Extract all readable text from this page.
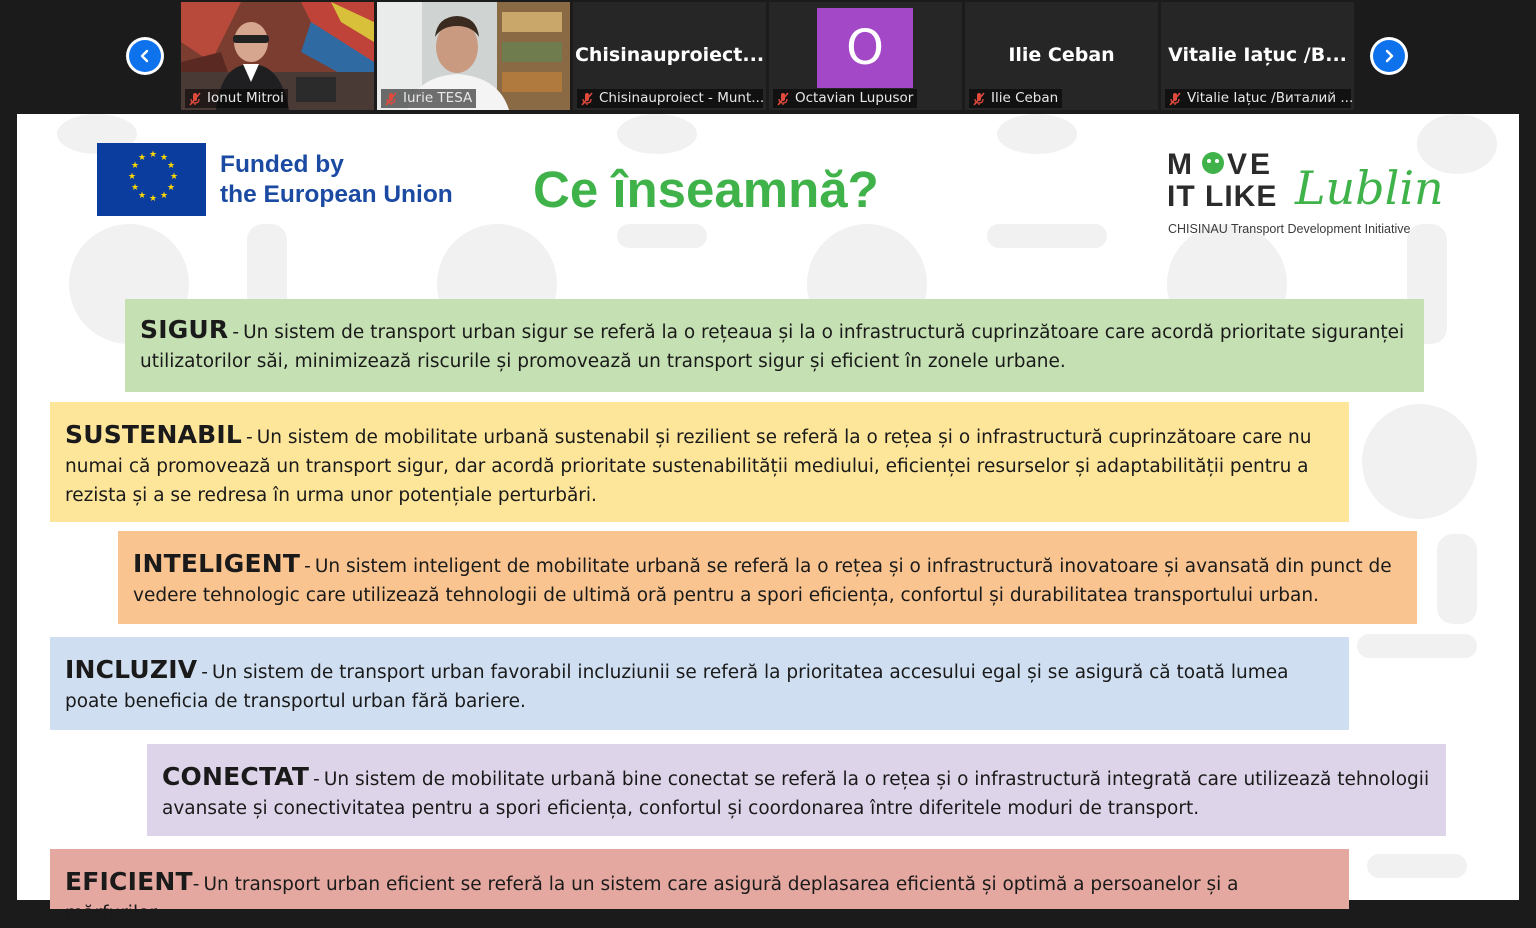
Ionut Mitroi	Iurie TESA
Chisinauproiect...
Chisinauproiect - Munt...
O
Octavian Lupusor
Ilie Ceban
Ilie Ceban
Vitalie Iațuc /B...
Vitalie Iațuc /Виталий ...
★ ★
★
★
★
★
★
★
★
★
★
★	Funded by
the European Union Ce înseamnă?	M VE
IT LIKE Lublin
CHISINAU Transport Development Initiative

SIGUR - Un sistem de transport urban sigur se referă la o rețeaua și la o infrastructură cuprinzătoare care acordă prioritate siguranței utilizatorilor săi, minimizează riscurile și promovează un transport sigur și eficient în zonele urbane.

SUSTENABIL - Un sistem de mobilitate urbană sustenabil și rezilient se referă la o rețea și o infrastructură cuprinzătoare care nu numai că promovează un transport sigur, dar acordă prioritate sustenabilității mediului, eficienței resurselor și adaptabilității pentru a rezista și a se redresa în urma unor potențiale perturbări.

INTELIGENT - Un sistem inteligent de mobilitate urbană se referă la o rețea și o infrastructură inovatoare și avansată din punct de vedere tehnologic care utilizează tehnologii de ultimă oră pentru a spori eficiența, confortul și durabilitatea transportului urban.

INCLUZIV - Un sistem de transport urban favorabil incluziunii se referă la prioritatea accesului egal și se asigură că toată lumea poate beneficia de transportul urban fără bariere.

CONECTAT - Un sistem de mobilitate urbană bine conectat se referă la o rețea și o infrastructură integrată care utilizează tehnologii avansate și conectivitatea pentru a spori eficiența, confortul și coordonarea între diferitele moduri de transport.

EFICIENT- Un transport urban eficient se referă la un sistem care asigură deplasarea eficientă și optimă a persoanelor și a mărfurilor,
